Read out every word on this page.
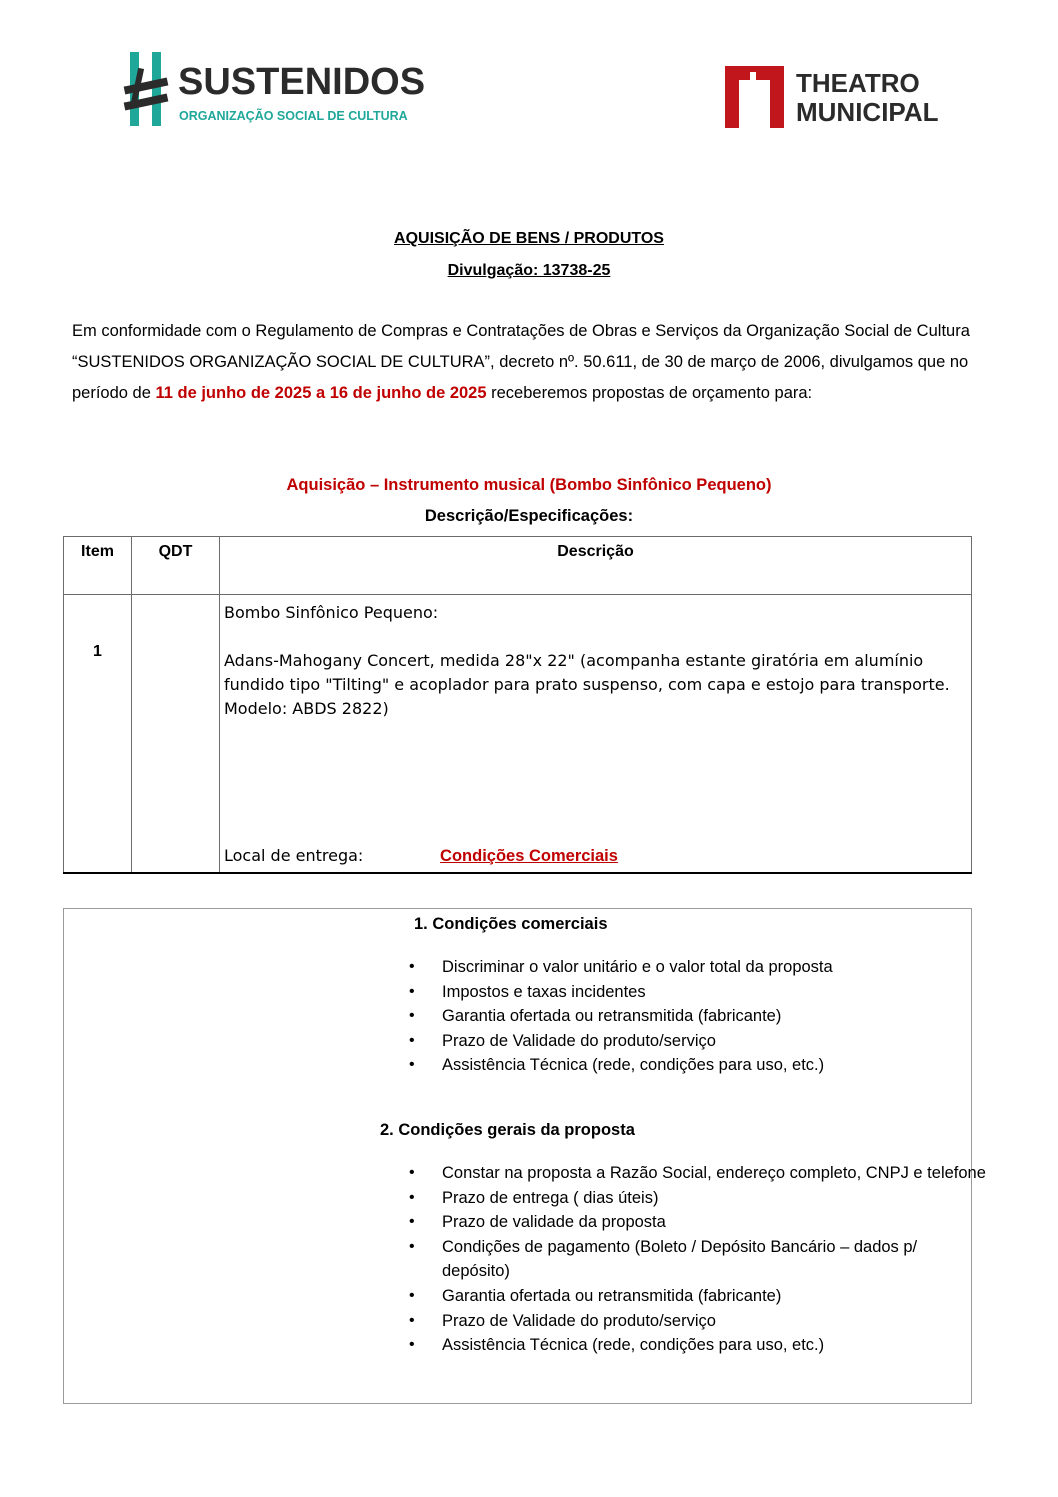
SUSTENIDOS
ORGANIZAÇÃO SOCIAL DE CULTURA
THEATRO
MUNICIPAL
AQUISIÇÃO DE BENS / PRODUTOS
Divulgação: 13738-25
Em conformidade com o Regulamento de Compras e Contratações de Obras e Serviços da Organização Social de Cultura “SUSTENIDOS ORGANIZAÇÃO SOCIAL DE CULTURA”, decreto nº. 50.611, de 30 de março de 2006, divulgamos que no período de 11 de junho de 2025 a 16 de junho de 2025 receberemos propostas de orçamento para:
Aquisição – Instrumento musical (Bombo Sinfônico Pequeno)
Descrição/Especificações:
Item	QDT	Descrição
1		Bombo Sinfônico Pequeno:

Adans-Mahogany Concert, medida 28"x 22" (acompanha estante giratória em alumínio fundido tipo "Tilting" e acoplador para prato suspenso, com capa e estojo para transporte. Modelo: ABDS 2822)

Local de entrega:	Condições Comerciais
1. Condições comerciais
• Discriminar o valor unitário e o valor total da proposta
• Impostos e taxas incidentes
• Garantia ofertada ou retransmitida (fabricante)
• Prazo de Validade do produto/serviço
• Assistência Técnica (rede, condições para uso, etc.)
2. Condições gerais da proposta
• Constar na proposta a Razão Social, endereço completo, CNPJ e telefone
• Prazo de entrega ( dias úteis)
• Prazo de validade da proposta
• Condições de pagamento (Boleto / Depósito Bancário – dados p/ depósito)
• Garantia ofertada ou retransmitida (fabricante)
• Prazo de Validade do produto/serviço
• Assistência Técnica (rede, condições para uso, etc.)
